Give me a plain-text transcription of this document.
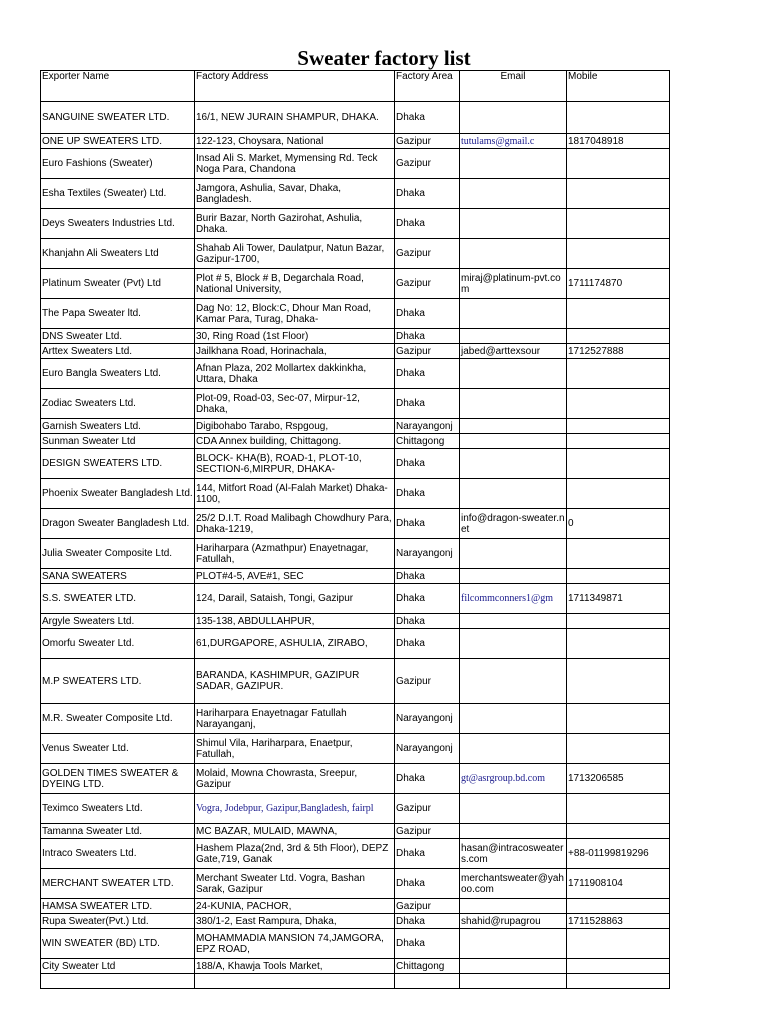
Sweater factory list
Exporter Name	Factory Address	Factory Area	Email	Mobile
SANGUINE SWEATER LTD.	16/1, NEW JURAIN SHAMPUR, DHAKA.	Dhaka		
ONE UP SWEATERS LTD.	122-123, Choysara, National	Gazipur	tutulams@gmail.c	1817048918
Euro Fashions (Sweater)	Insad Ali S. Market, Mymensing Rd. Teck Noga Para, Chandona	Gazipur		
Esha Textiles (Sweater) Ltd.	Jamgora, Ashulia, Savar, Dhaka, Bangladesh.	Dhaka		
Deys Sweaters Industries Ltd.	Burir Bazar, North Gazirohat, Ashulia, Dhaka.	Dhaka		
Khanjahn Ali Sweaters Ltd	Shahab Ali Tower, Daulatpur, Natun Bazar, Gazipur-1700,	Gazipur		
Platinum Sweater (Pvt) Ltd	Plot # 5, Block # B, Degarchala Road, National University,	Gazipur	miraj@platinum-pvt.com	1711174870
The Papa Sweater ltd.	Dag No: 12, Block:C, Dhour Man Road, Kamar Para, Turag, Dhaka-	Dhaka		
DNS Sweater Ltd.	30, Ring Road (1st Floor)	Dhaka		
Arttex Sweaters Ltd.	Jailkhana Road, Horinachala,	Gazipur	jabed@arttexsour	1712527888
Euro Bangla Sweaters Ltd.	Afnan Plaza, 202 Mollartex dakkinkha, Uttara, Dhaka	Dhaka		
Zodiac Sweaters Ltd.	Plot-09, Road-03, Sec-07, Mirpur-12, Dhaka,	Dhaka		
Garnish Sweaters Ltd.	Digibohabo Tarabo, Rspgoug,	Narayangonj		
Sunman Sweater Ltd	CDA Annex building, Chittagong.	Chittagong		
DESIGN SWEATERS LTD.	BLOCK- KHA(B), ROAD-1, PLOT-10, SECTION-6,MIRPUR, DHAKA-	Dhaka		
Phoenix Sweater Bangladesh Ltd.	144, Mitfort Road (Al-Falah Market) Dhaka-1100,	Dhaka		
Dragon Sweater Bangladesh Ltd.	25/2 D.I.T. Road Malibagh Chowdhury Para, Dhaka-1219,	Dhaka	info@dragon-sweater.net	0
Julia Sweater Composite Ltd.	Hariharpara (Azmathpur) Enayetnagar, Fatullah,	Narayangonj		
SANA SWEATERS	PLOT#4-5, AVE#1, SEC	Dhaka		
S.S. SWEATER LTD.	124, Darail, Sataish, Tongi, Gazipur	Dhaka	filcommconners1@gm	1711349871
Argyle Sweaters Ltd.	135-138, ABDULLAHPUR,	Dhaka		
Omorfu Sweater Ltd.	61,DURGAPORE, ASHULIA, ZIRABO,	Dhaka		
M.P SWEATERS LTD.	BARANDA, KASHIMPUR, GAZIPUR SADAR, GAZIPUR.	Gazipur		
M.R. Sweater Composite Ltd.	Hariharpara Enayetnagar Fatullah Narayanganj,	Narayangonj		
Venus Sweater Ltd.	Shimul Vila, Hariharpara, Enaetpur, Fatullah,	Narayangonj		
GOLDEN TIMES SWEATER & DYEING LTD.	Molaid, Mowna Chowrasta, Sreepur, Gazipur	Dhaka	gt@asrgroup.bd.com	1713206585
Teximco Sweaters Ltd.	Vogra, Jodebpur, Gazipur,Bangladesh, fairpl	Gazipur		
Tamanna Sweater Ltd.	MC BAZAR, MULAID, MAWNA,	Gazipur		
Intraco Sweaters Ltd.	Hashem Plaza(2nd, 3rd & 5th Floor), DEPZ Gate,719, Ganak	Dhaka	hasan@intracosweaters.com	+88-01199819296
MERCHANT SWEATER LTD.	Merchant Sweater Ltd. Vogra, Bashan Sarak, Gazipur	Dhaka	merchantsweater@yahoo.com	1711908104
HAMSA SWEATER LTD.	24-KUNIA, PACHOR,	Gazipur		
Rupa Sweater(Pvt.) Ltd.	380/1-2, East Rampura, Dhaka,	Dhaka	shahid@rupagrou	1711528863
WIN SWEATER (BD) LTD.	MOHAMMADIA MANSION 74,JAMGORA, EPZ ROAD,	Dhaka		
City Sweater Ltd	188/A, Khawja Tools Market,	Chittagong		
